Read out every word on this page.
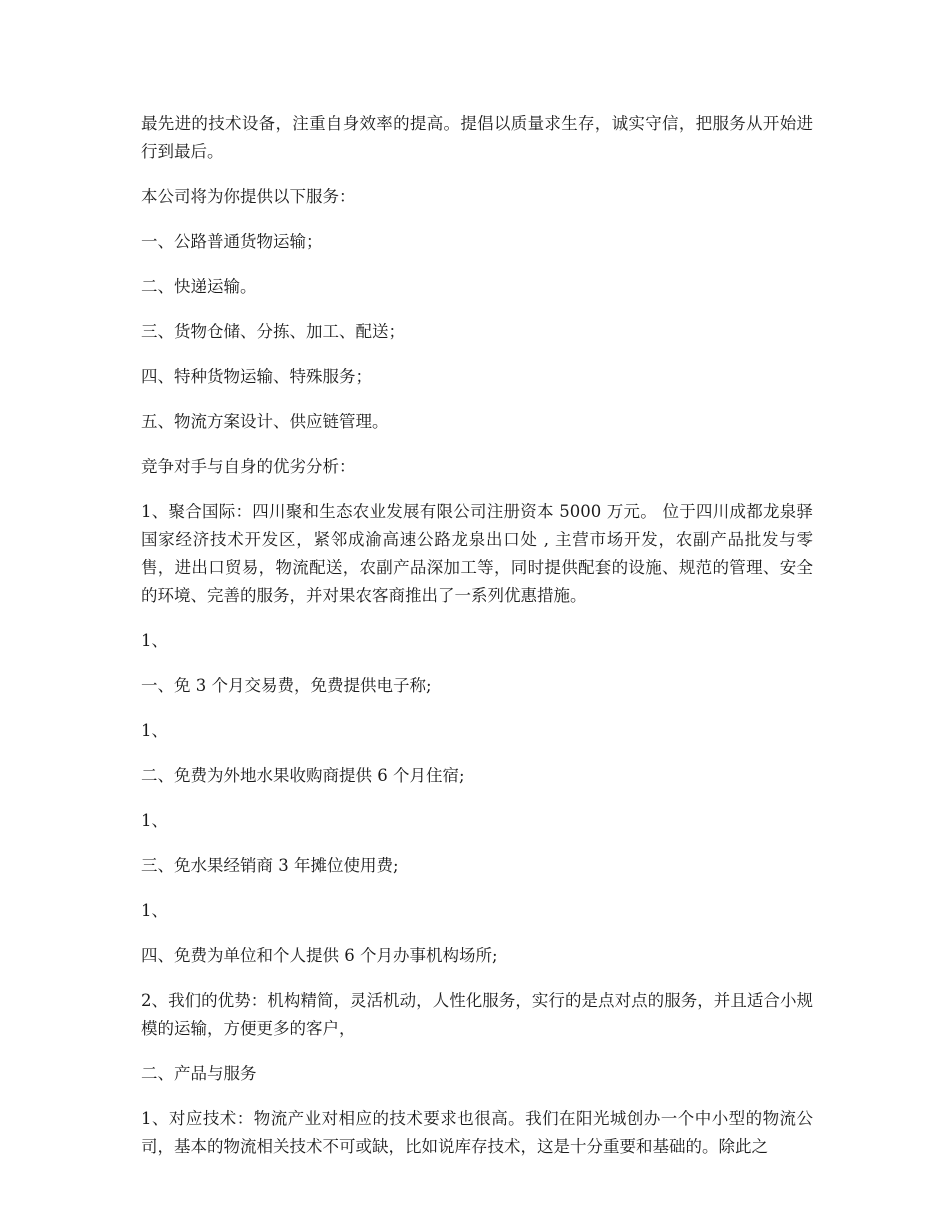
最先进的技术设备，注重自身效率的提高。提倡以质量求生存，诚实守信，把服务从开始进行到最后。

本公司将为你提供以下服务：

一、公路普通货物运输；

二、快递运输。

三、货物仓储、分拣、加工、配送；

四、特种货物运输、特殊服务；

五、物流方案设计、供应链管理。

竞争对手与自身的优劣分析：

1、聚合国际：四川聚和生态农业发展有限公司注册资本 5000 万元。 位于四川成都龙泉驿国家经济技术开发区，紧邻成渝高速公路龙泉出口处 , 主营市场开发，农副产品批发与零售，进出口贸易，物流配送，农副产品深加工等，同时提供配套的设施、规范的管理、安全的环境、完善的服务，并对果农客商推出了一系列优惠措施。

1、

一、免 3 个月交易费，免费提供电子称;

1、

二、免费为外地水果收购商提供 6 个月住宿;

1、

三、免水果经销商 3 年摊位使用费;

1、

四、免费为单位和个人提供 6 个月办事机构场所;

2、我们的优势：机构精简，灵活机动，人性化服务，实行的是点对点的服务，并且适合小规模的运输，方便更多的客户，

二、产品与服务

1、对应技术：物流产业对相应的技术要求也很高。我们在阳光城创办一个中小型的物流公司，基本的物流相关技术不可或缺，比如说库存技术，这是十分重要和基础的。除此之
